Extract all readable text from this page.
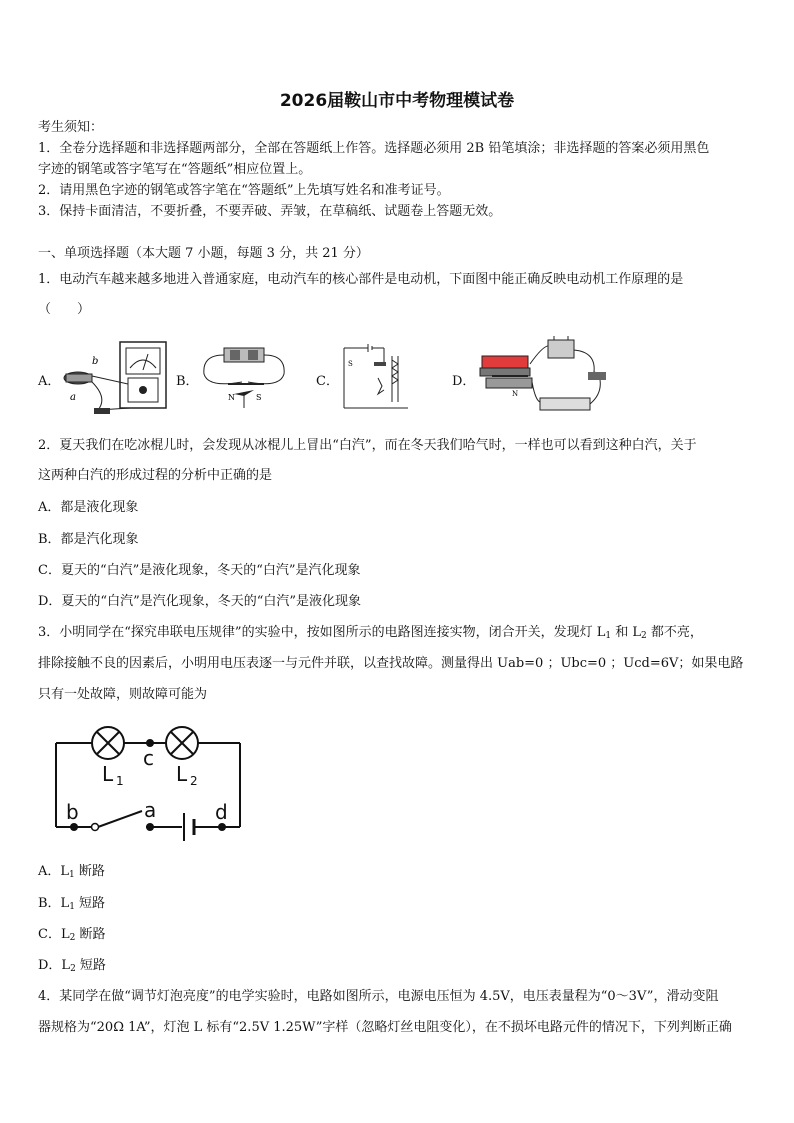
2026届鞍山市中考物理模试卷
考生须知：
1．全卷分选择题和非选择题两部分，全部在答题纸上作答。选择题必须用 2B 铅笔填涂；非选择题的答案必须用黑色
字迹的钢笔或答字笔写在“答题纸”相应位置上。
2．请用黑色字迹的钢笔或答字笔在“答题纸”上先填写姓名和准考证号。
3．保持卡面清洁，不要折叠，不要弄破、弄皱，在草稿纸、试题卷上答题无效。
一、单项选择题（本大题 7 小题，每题 3 分，共 21 分）
1．电动汽车越来越多地进入普通家庭，电动汽车的核心部件是电动机，下面图中能正确反映电动机工作原理的是
（　　）
A．	B．	C．	D．
b
a	N	S
S
N
2．夏天我们在吃冰棍儿时，会发现从冰棍儿上冒出“白汽”，而在冬天我们哈气时，一样也可以看到这种白汽，关于
这两种白汽的形成过程的分析中正确的是
A．都是液化现象
B．都是汽化现象
C．夏天的“白汽”是液化现象，冬天的“白汽”是汽化现象
D．夏天的“白汽”是汽化现象，冬天的“白汽”是液化现象
3．小明同学在“探究串联电压规律”的实验中，按如图所示的电路图连接实物，闭合开关，发现灯 $L_1$ 和 $L_2$ 都不亮，
排除接触不良的因素后，小明用电压表逐一与元件并联，以查找故障。测量得出 Uab=0 ；Ubc=0 ；Ucd=6V；如果电路
只有一处故障，则故障可能为
c
L 1	L 2
b	a	d
A．$L_1$ 断路
B．$L_1$ 短路
C．$L_2$ 断路
D．$L_2$ 短路
4．某同学在做“调节灯泡亮度”的电学实验时，电路如图所示，电源电压恒为 4.5V，电压表量程为“0～3V”，滑动变阻
器规格为“20Ω 1A”，灯泡 L 标有“2.5V 1.25W”字样（忽略灯丝电阻变化），在不损坏电路元件的情况下，下列判断正确
